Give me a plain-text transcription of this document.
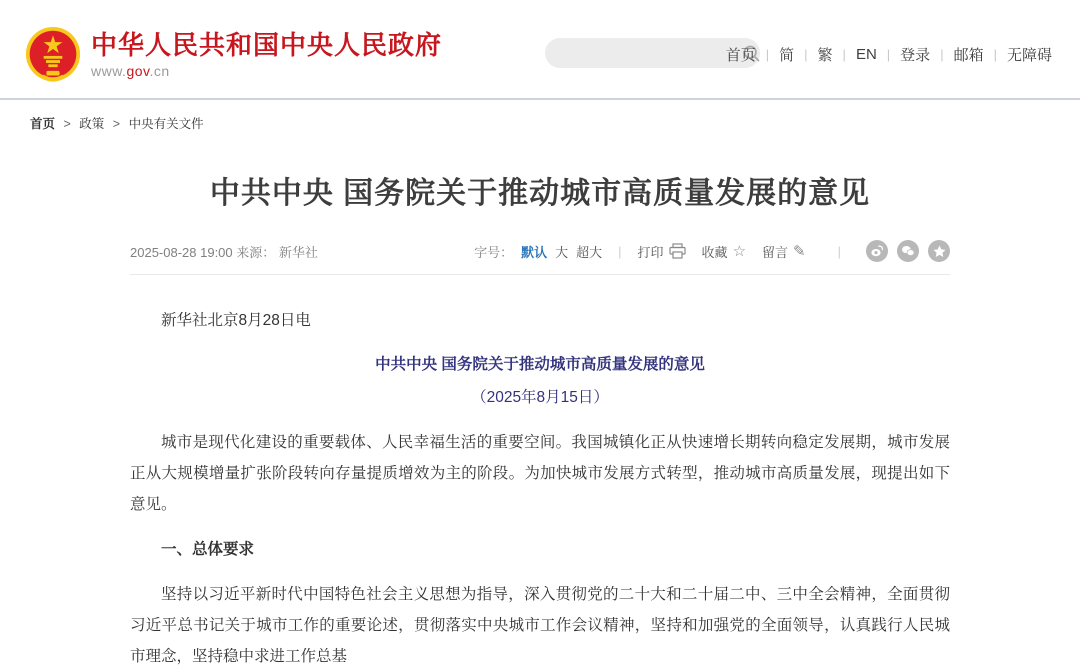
中华人民共和国中央人民政府
www.gov.cn
首页 | 简 | 繁 | EN | 登录 | 邮箱 | 无障碍
首页 > 政策 > 中央有关文件
中共中央 国务院关于推动城市高质量发展的意见
2025-08-28 19:00 来源： 新华社	字号： 默认 大 超大 | 打印	收藏 ☆ 留言 ✎ |

新华社北京8月28日电

中共中央 国务院关于推动城市高质量发展的意见

（2025年8月15日）

城市是现代化建设的重要载体、人民幸福生活的重要空间。我国城镇化正从快速增长期转向稳定发展期，城市发展正从大规模增量扩张阶段转向存量提质增效为主的阶段。为加快城市发展方式转型，推动城市高质量发展，现提出如下意见。

一、总体要求

坚持以习近平新时代中国特色社会主义思想为指导，深入贯彻党的二十大和二十届二中、三中全会精神，全面贯彻习近平总书记关于城市工作的重要论述，贯彻落实中央城市工作会议精神，坚持和加强党的全面领导，认真践行人民城市理念，坚持稳中求进工作总基
